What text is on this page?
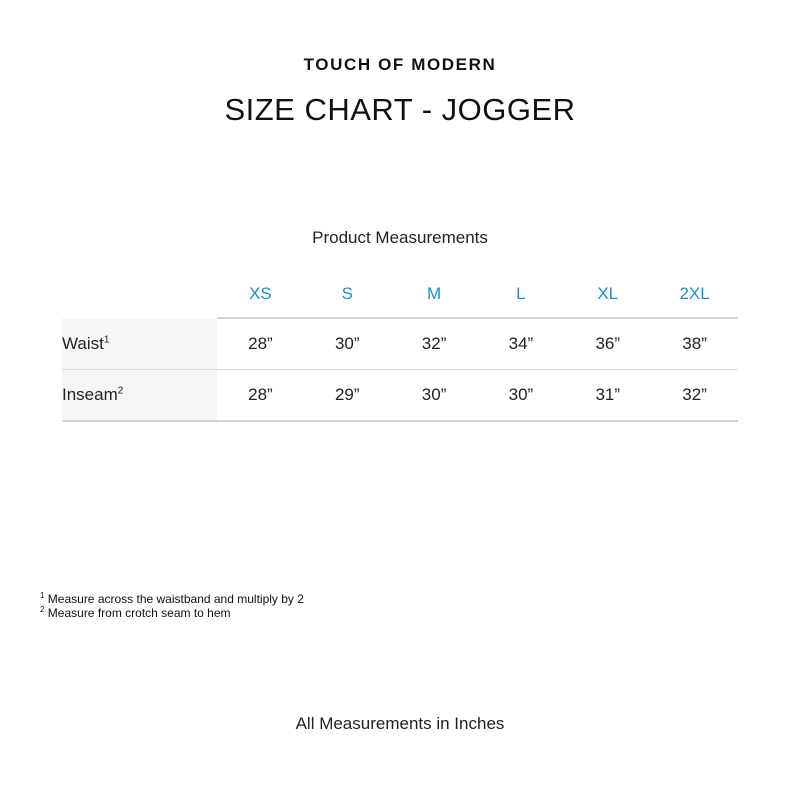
TOUCH OF MODERN
SIZE CHART - JOGGER
Product Measurements
	XS	S	M	L	XL	2XL
Waist$^1$	28”	30”	32”	34”	36”	38”
Inseam$^2$	28”	29”	30”	30”	31”	32”
$^1$ Measure across the waistband and multiply by 2
$^2$ Measure from crotch seam to hem
All Measurements in Inches
